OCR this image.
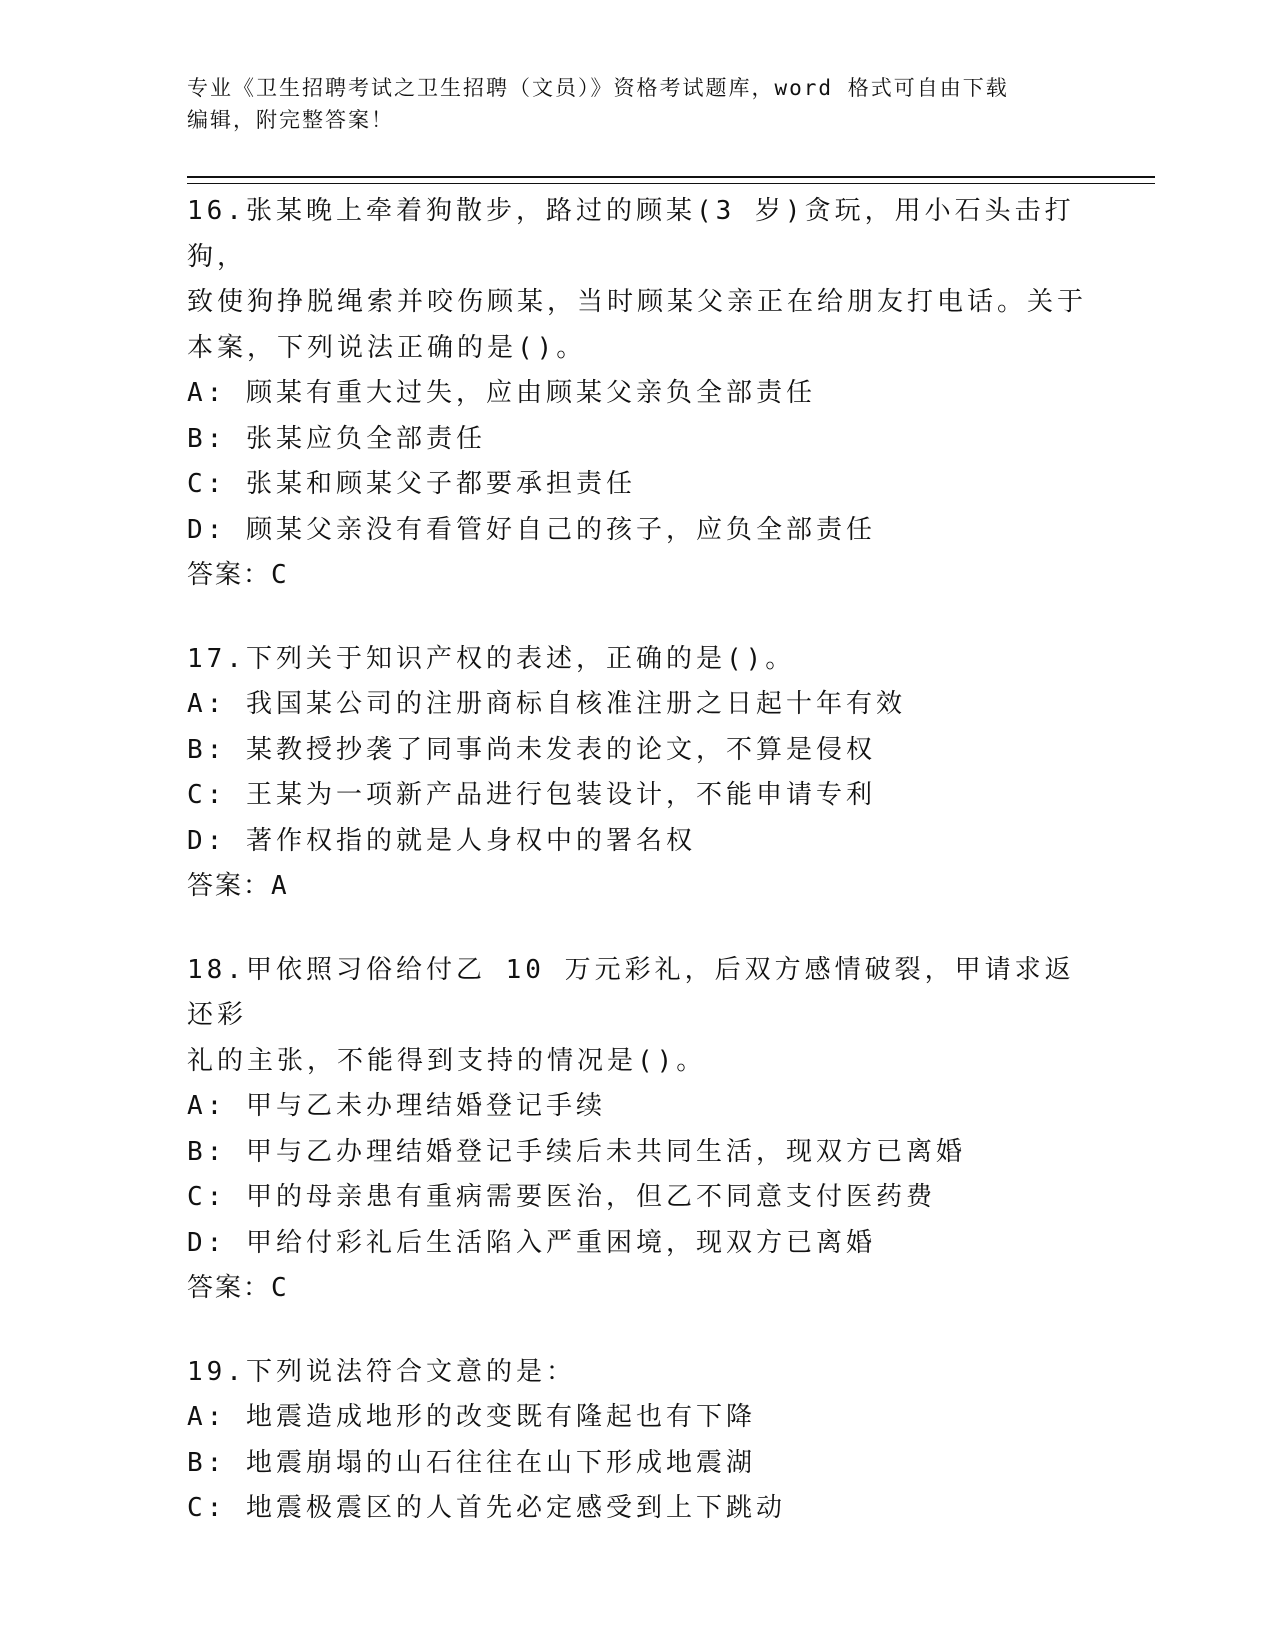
专业《卫生招聘考试之卫生招聘（文员）》资格考试题库，word 格式可自由下载
编辑，附完整答案！
16.张某晚上牵着狗散步，路过的顾某(3 岁)贪玩，用小石头击打狗，
致使狗挣脱绳索并咬伤顾某，当时顾某父亲正在给朋友打电话。关于
本案，下列说法正确的是()。
A: 顾某有重大过失，应由顾某父亲负全部责任
B: 张某应负全部责任
C: 张某和顾某父子都要承担责任
D: 顾某父亲没有看管好自己的孩子，应负全部责任
答案：C
17.下列关于知识产权的表述，正确的是()。
A: 我国某公司的注册商标自核准注册之日起十年有效
B: 某教授抄袭了同事尚未发表的论文，不算是侵权
C: 王某为一项新产品进行包装设计，不能申请专利
D: 著作权指的就是人身权中的署名权
答案：A
18.甲依照习俗给付乙 10 万元彩礼，后双方感情破裂，甲请求返还彩
礼的主张，不能得到支持的情况是()。
A: 甲与乙未办理结婚登记手续
B: 甲与乙办理结婚登记手续后未共同生活，现双方已离婚
C: 甲的母亲患有重病需要医治，但乙不同意支付医药费
D: 甲给付彩礼后生活陷入严重困境，现双方已离婚
答案：C
19.下列说法符合文意的是：
A: 地震造成地形的改变既有隆起也有下降
B: 地震崩塌的山石往往在山下形成地震湖
C: 地震极震区的人首先必定感受到上下跳动
